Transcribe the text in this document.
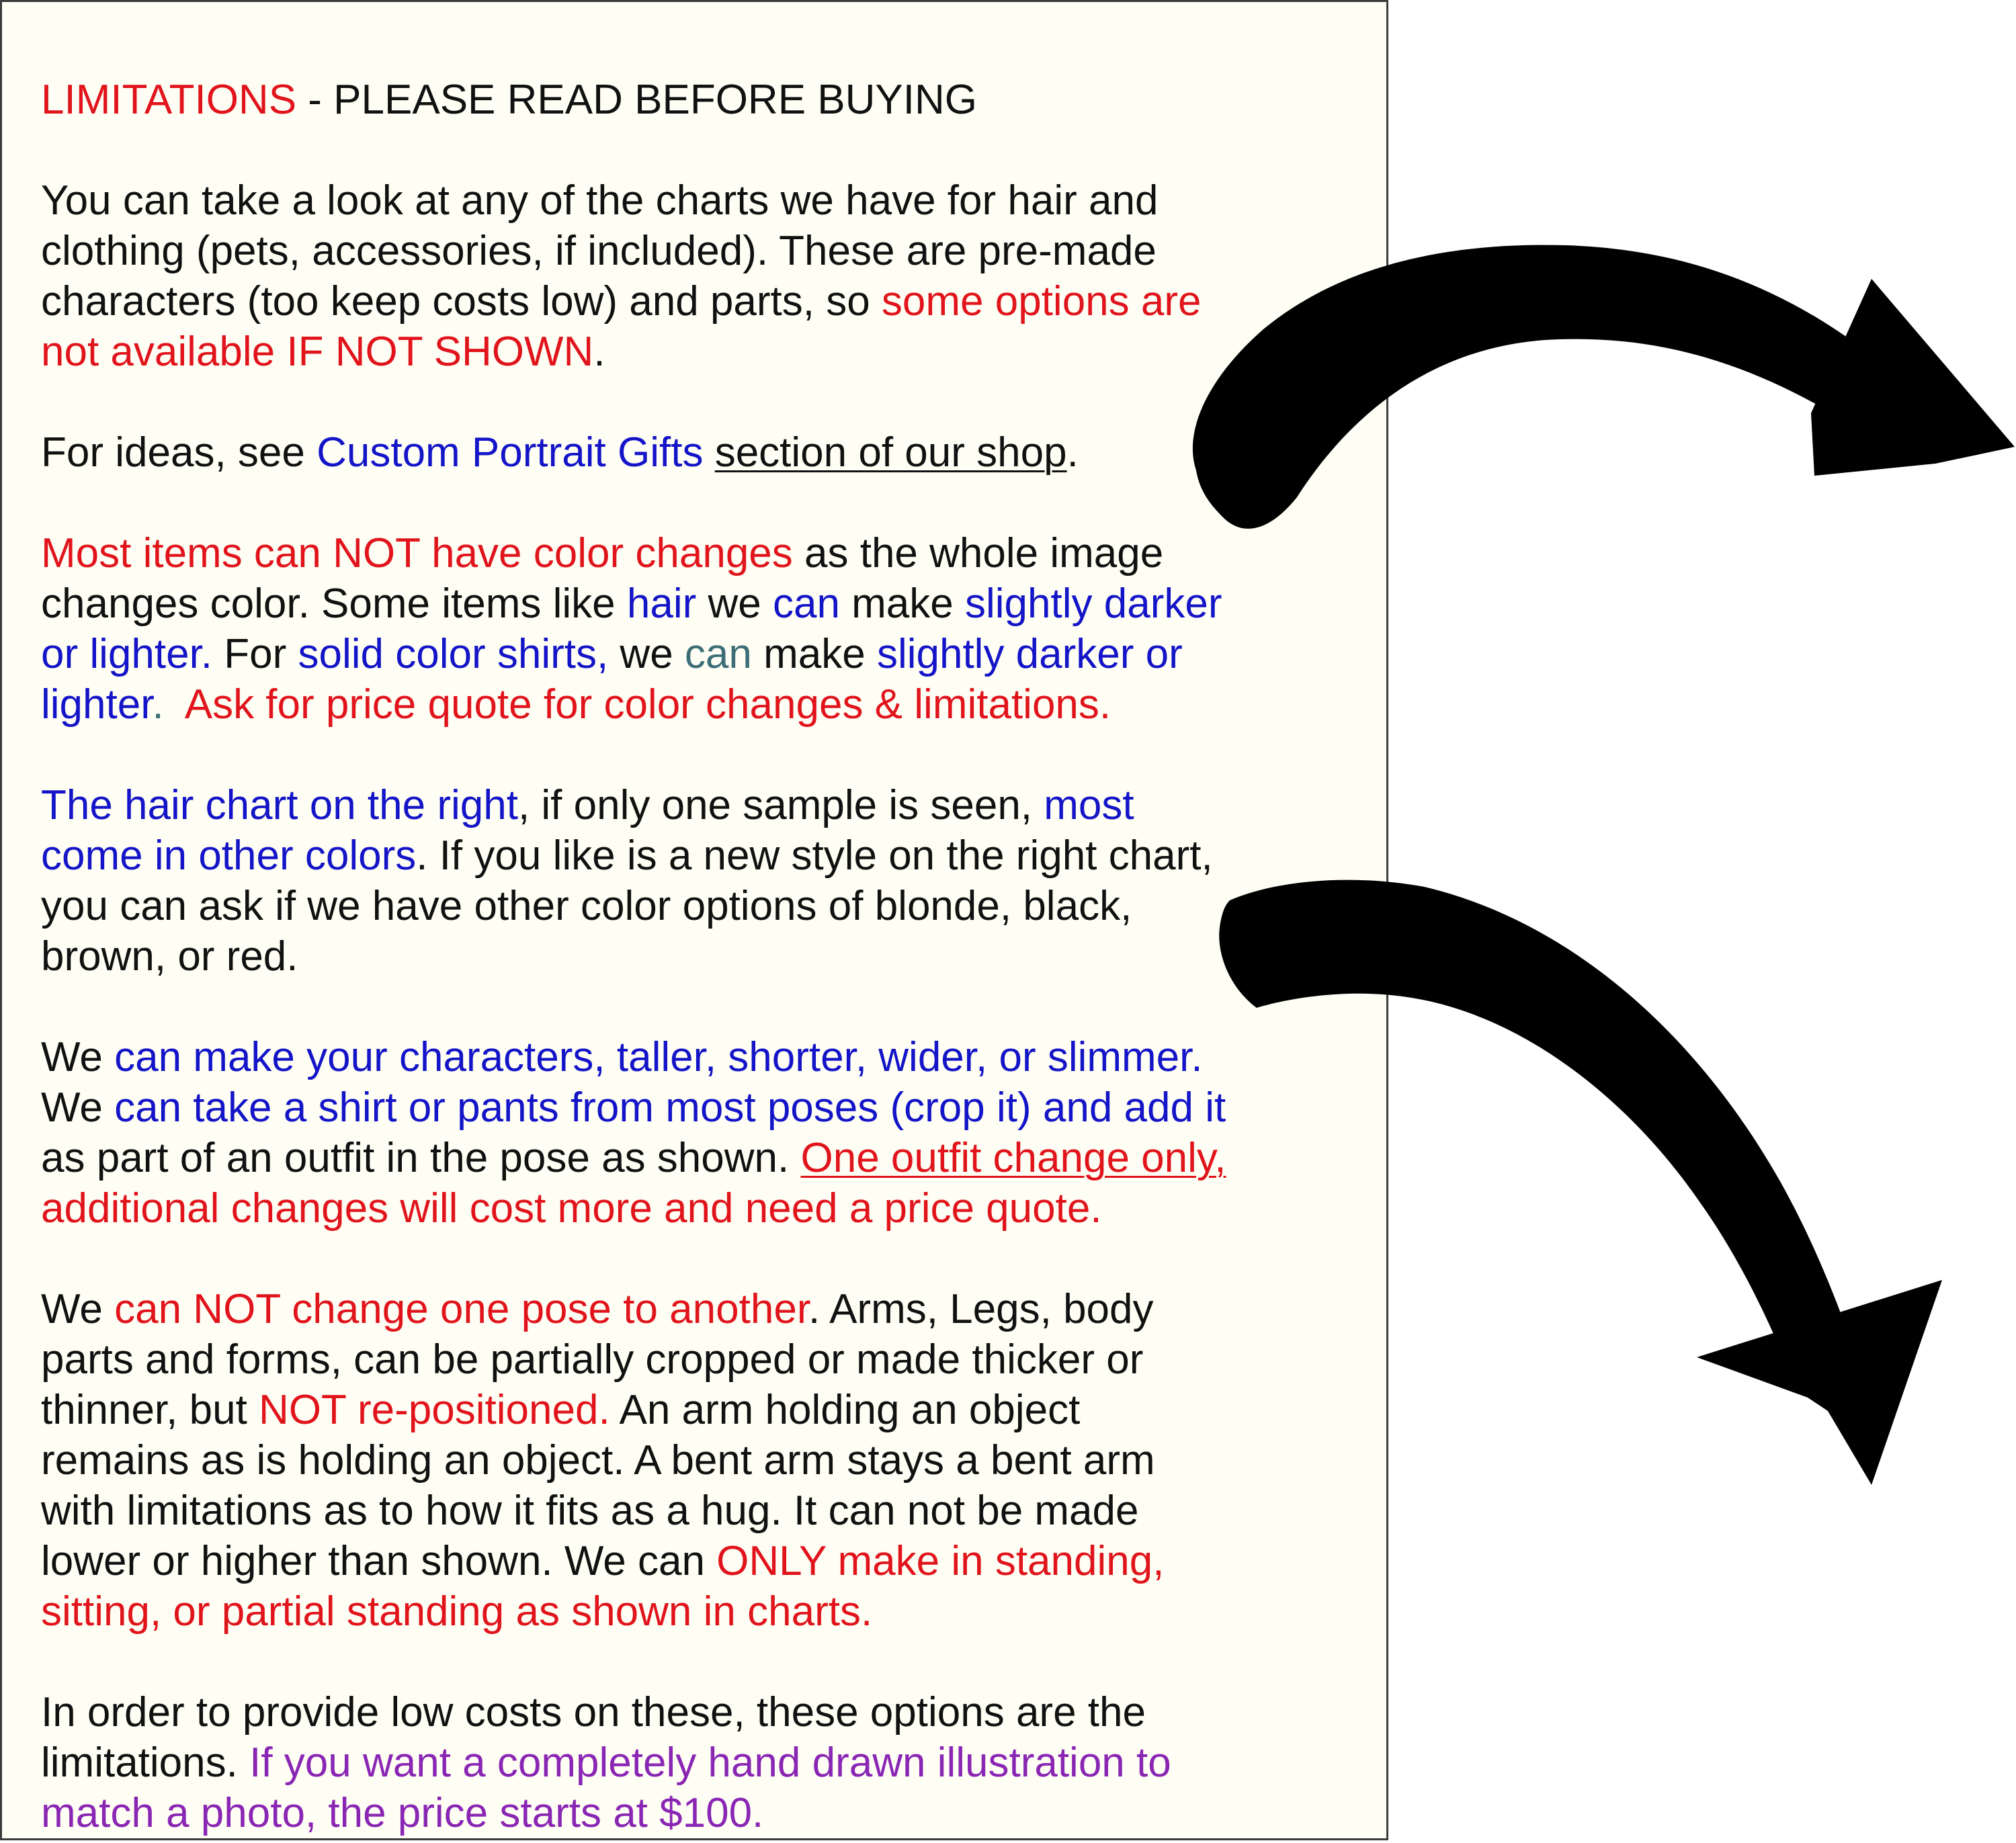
LIMITATIONS - PLEASE READ BEFORE BUYING

You can take a look at any of the charts we have for hair and
clothing (pets, accessories, if included). These are pre-made
characters (too keep costs low) and parts, so some options are
not available IF NOT SHOWN.

For ideas, see Custom Portrait Gifts section of our shop.

Most items can NOT have color changes as the whole image
changes color. Some items like hair we can make slightly darker
or lighter. For solid color shirts, we can make slightly darker or
lighter.  Ask for price quote for color changes & limitations.

The hair chart on the right, if only one sample is seen, most
come in other colors. If you like is a new style on the right chart,
you can ask if we have other color options of blonde, black,
brown, or red.

We can make your characters, taller, shorter, wider, or slimmer.
We can take a shirt or pants from most poses (crop it) and add it
as part of an outfit in the pose as shown. One outfit change only,
additional changes will cost more and need a price quote.

We can NOT change one pose to another. Arms, Legs, body
parts and forms, can be partially cropped or made thicker or
thinner, but NOT re-positioned. An arm holding an object
remains as is holding an object. A bent arm stays a bent arm
with limitations as to how it fits as a hug. It can not be made
lower or higher than shown. We can ONLY make in standing,
sitting, or partial standing as shown in charts.

In order to provide low costs on these, these options are the
limitations. If you want a completely hand drawn illustration to
match a photo, the price starts at $100.
